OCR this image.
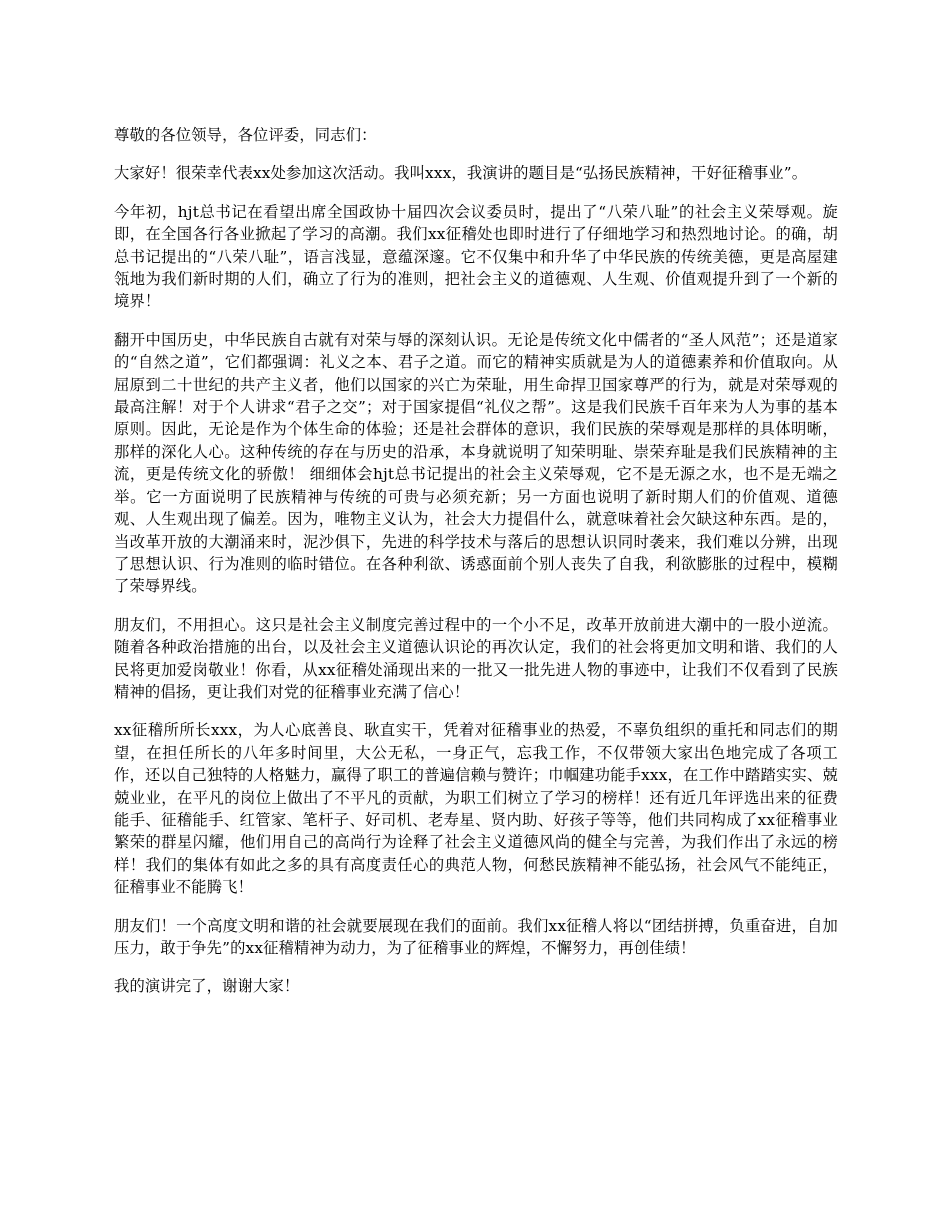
尊敬的各位领导，各位评委，同志们：

大家好！很荣幸代表xx处参加这次活动。我叫xxx，我演讲的题目是“弘扬民族精神，干好征稽事业”。

今年初，hjt总书记在看望出席全国政协十届四次会议委员时，提出了“八荣八耻”的社会主义荣辱观。旋即，在全国各行各业掀起了学习的高潮。我们xx征稽处也即时进行了仔细地学习和热烈地讨论。的确，胡总书记提出的“八荣八耻”，语言浅显，意蕴深邃。它不仅集中和升华了中华民族的传统美德，更是高屋建瓴地为我们新时期的人们，确立了行为的准则，把社会主义的道德观、人生观、价值观提升到了一个新的境界！

翻开中国历史，中华民族自古就有对荣与辱的深刻认识。无论是传统文化中儒者的“圣人风范”；还是道家的“自然之道”，它们都强调：礼义之本、君子之道。而它的精神实质就是为人的道德素养和价值取向。从屈原到二十世纪的共产主义者，他们以国家的兴亡为荣耻，用生命捍卫国家尊严的行为，就是对荣辱观的最高注解！对于个人讲求“君子之交”；对于国家提倡“礼仪之帮”。这是我们民族千百年来为人为事的基本原则。因此，无论是作为个体生命的体验；还是社会群体的意识，我们民族的荣辱观是那样的具体明晰，那样的深化人心。这种传统的存在与历史的沿承，本身就说明了知荣明耻、崇荣弃耻是我们民族精神的主流，更是传统文化的骄傲！ 细细体会hjt总书记提出的社会主义荣辱观，它不是无源之水，也不是无端之举。它一方面说明了民族精神与传统的可贵与必须充新；另一方面也说明了新时期人们的价值观、道德观、人生观出现了偏差。因为，唯物主义认为，社会大力提倡什么，就意味着社会欠缺这种东西。是的，当改革开放的大潮涌来时，泥沙俱下，先进的科学技术与落后的思想认识同时袭来，我们难以分辨，出现了思想认识、行为准则的临时错位。在各种利欲、诱惑面前个别人丧失了自我，利欲膨胀的过程中，模糊了荣辱界线。

朋友们，不用担心。这只是社会主义制度完善过程中的一个小不足，改革开放前进大潮中的一股小逆流。随着各种政治措施的出台，以及社会主义道德认识论的再次认定，我们的社会将更加文明和谐、我们的人民将更加爱岗敬业！你看，从xx征稽处涌现出来的一批又一批先进人物的事迹中，让我们不仅看到了民族精神的倡扬，更让我们对党的征稽事业充满了信心！

xx征稽所所长xxx，为人心底善良、耿直实干，凭着对征稽事业的热爱，不辜负组织的重托和同志们的期望，在担任所长的八年多时间里，大公无私，一身正气，忘我工作，不仅带领大家出色地完成了各项工作，还以自己独特的人格魅力，赢得了职工的普遍信赖与赞许；巾帼建功能手xxx，在工作中踏踏实实、兢兢业业，在平凡的岗位上做出了不平凡的贡献，为职工们树立了学习的榜样！还有近几年评选出来的征费能手、征稽能手、红管家、笔杆子、好司机、老寿星、贤内助、好孩子等等，他们共同构成了xx征稽事业繁荣的群星闪耀，他们用自己的高尚行为诠释了社会主义道德风尚的健全与完善，为我们作出了永远的榜样！我们的集体有如此之多的具有高度责任心的典范人物，何愁民族精神不能弘扬，社会风气不能纯正，征稽事业不能腾飞！

朋友们！一个高度文明和谐的社会就要展现在我们的面前。我们xx征稽人将以“团结拼搏，负重奋进，自加压力，敢于争先”的xx征稽精神为动力，为了征稽事业的辉煌，不懈努力，再创佳绩！

我的演讲完了，谢谢大家！
